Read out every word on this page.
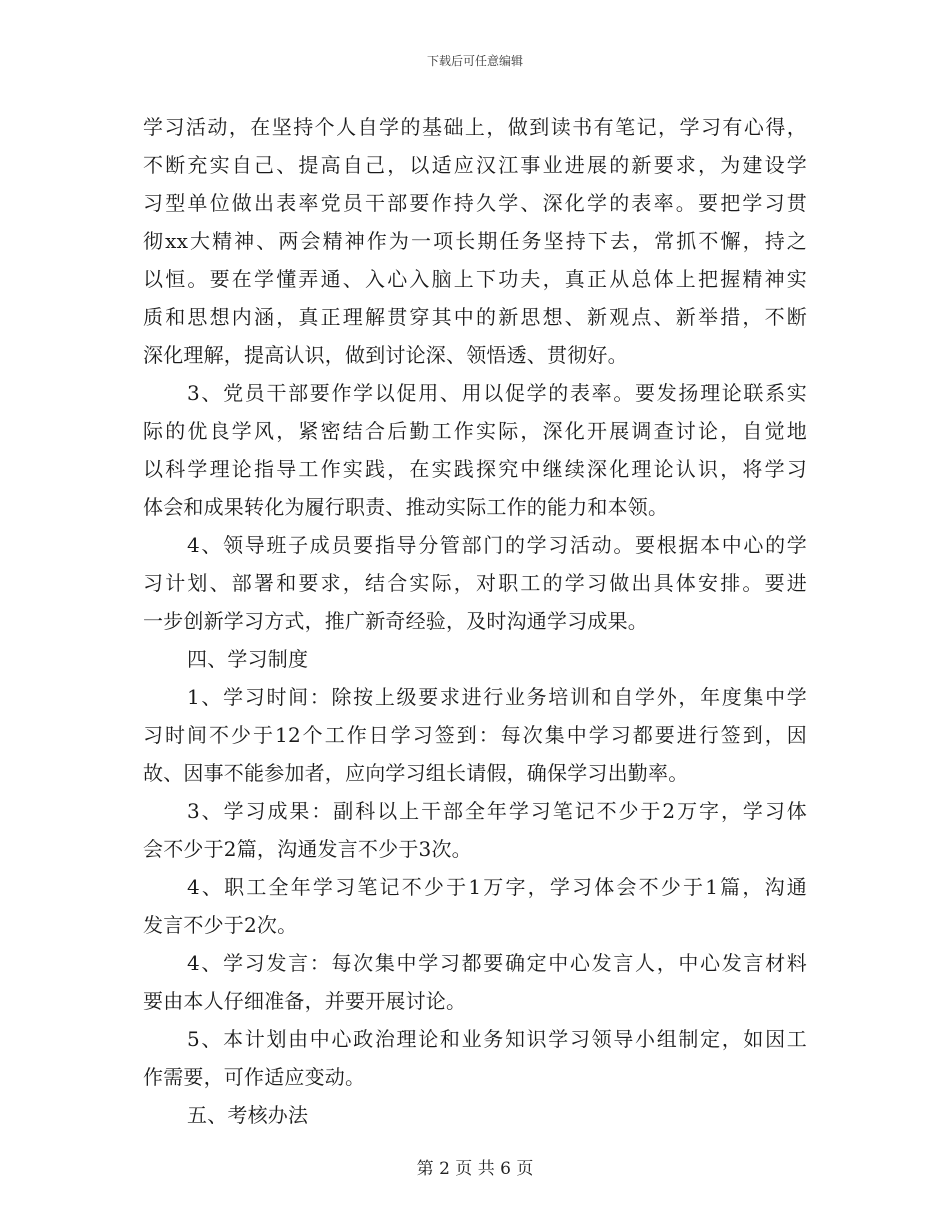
下载后可任意编辑
学习活动，在坚持个人自学的基础上，做到读书有笔记，学习有心得，
不断充实自己、提高自己，以适应汉江事业进展的新要求，为建设学
习型单位做出表率党员干部要作持久学、深化学的表率。要把学习贯
彻xx大精神、两会精神作为一项长期任务坚持下去，常抓不懈，持之
以恒。要在学懂弄通、入心入脑上下功夫，真正从总体上把握精神实
质和思想内涵，真正理解贯穿其中的新思想、新观点、新举措，不断
深化理解，提高认识，做到讨论深、领悟透、贯彻好。
3、党员干部要作学以促用、用以促学的表率。要发扬理论联系实
际的优良学风，紧密结合后勤工作实际，深化开展调查讨论，自觉地
以科学理论指导工作实践，在实践探究中继续深化理论认识，将学习
体会和成果转化为履行职责、推动实际工作的能力和本领。
4、领导班子成员要指导分管部门的学习活动。要根据本中心的学
习计划、部署和要求，结合实际，对职工的学习做出具体安排。要进
一步创新学习方式，推广新奇经验，及时沟通学习成果。
四、学习制度
1、学习时间：除按上级要求进行业务培训和自学外，年度集中学
习时间不少于12个工作日学习签到：每次集中学习都要进行签到，因
故、因事不能参加者，应向学习组长请假，确保学习出勤率。
3、学习成果：副科以上干部全年学习笔记不少于2万字，学习体
会不少于2篇，沟通发言不少于3次。
4、职工全年学习笔记不少于1万字，学习体会不少于1篇，沟通
发言不少于2次。
4、学习发言：每次集中学习都要确定中心发言人，中心发言材料
要由本人仔细准备，并要开展讨论。
5、本计划由中心政治理论和业务知识学习领导小组制定，如因工
作需要，可作适应变动。
五、考核办法
第 2 页 共 6 页
